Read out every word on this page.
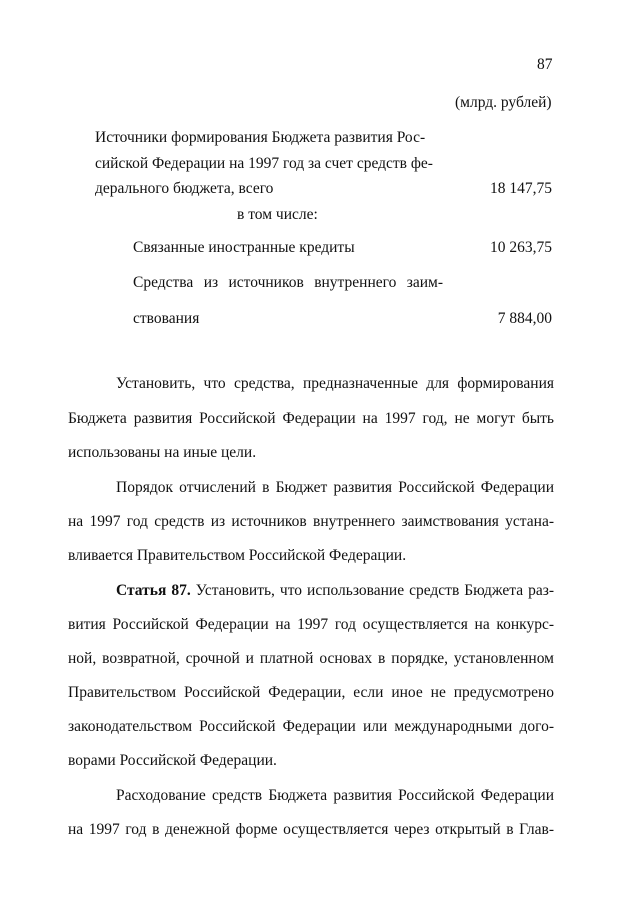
87
(млрд. рублей)
Источники формирования Бюджета развития Рос-
сийской Федерации на 1997 год за счет средств фе-
дерального бюджета, всего	18 147,75
в том числе:
Связанные иностранные кредиты	10 263,75
Средства из источников внутреннего заим-
ствования	7 884,00
Установить, что средства, предназначенные для формирования
Бюджета развития Российской Федерации на 1997 год, не могут быть
использованы на иные цели.
Порядок отчислений в Бюджет развития Российской Федерации
на 1997 год средств из источников внутреннего заимствования устана-
вливается Правительством Российской Федерации.
Статья 87. Установить, что использование средств Бюджета раз-
вития Российской Федерации на 1997 год осуществляется на конкурс-
ной, возвратной, срочной и платной основах в порядке, установленном
Правительством Российской Федерации, если иное не предусмотрено
законодательством Российской Федерации или международными дого-
ворами Российской Федерации.
Расходование средств Бюджета развития Российской Федерации
на 1997 год в денежной форме осуществляется через открытый в Глав-
